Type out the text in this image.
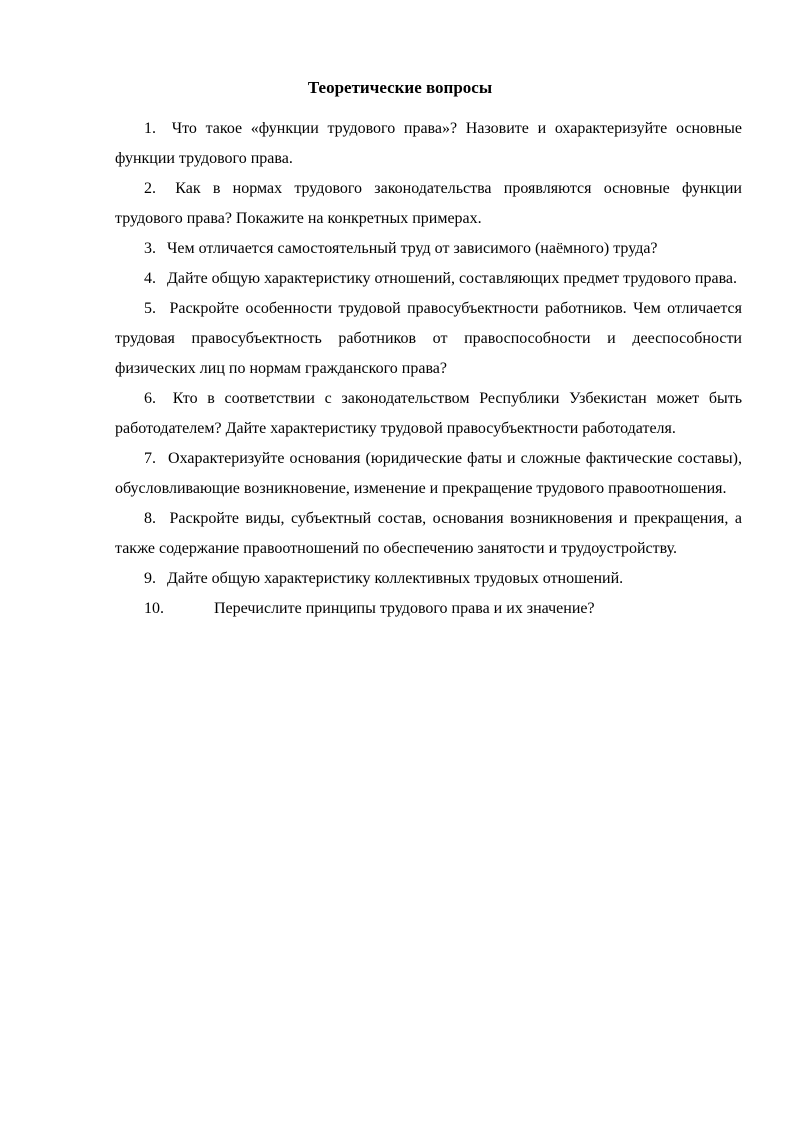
Теоретические вопросы
1. Что такое «функции трудового права»? Назовите и охарактеризуйте основные функции трудового права.
2. Как в нормах трудового законодательства проявляются основные функции трудового права? Покажите на конкретных примерах.
3. Чем отличается самостоятельный труд от зависимого (наёмного) труда?
4. Дайте общую характеристику отношений, составляющих предмет трудового права.
5. Раскройте особенности трудовой правосубъектности работников. Чем отличается трудовая правосубъектность работников от правоспособности и дееспособности физических лиц по нормам гражданского права?
6. Кто в соответствии с законодательством Республики Узбекистан может быть работодателем? Дайте характеристику трудовой правосубъектности работодателя.
7. Охарактеризуйте основания (юридические фаты и сложные фактические составы), обусловливающие возникновение, изменение и прекращение трудового правоотношения.
8. Раскройте виды, субъектный состав, основания возникновения и прекращения, а также содержание правоотношений по обеспечению занятости и трудоустройству.
9. Дайте общую характеристику коллективных трудовых отношений.
10.	Перечислите принципы трудового права и их значение?
